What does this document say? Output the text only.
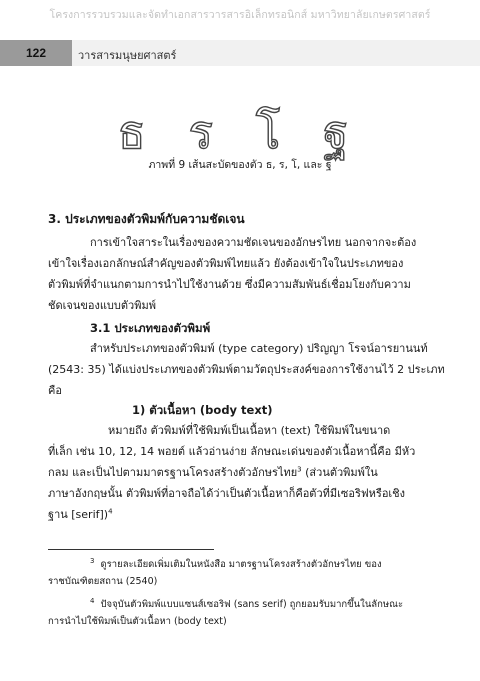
โครงการรวบรวมและจัดทำเอกสารวารสารอิเล็กทรอนิกส์ มหาวิทยาลัยเกษตรศาสตร์
122	วารสารมนุษยศาสตร์
ธ ร โ ฐ
ภาพที่ 9 เส้นสะบัดของตัว ธ, ร, โ, และ ฐ
3. ประเภทของตัวพิมพ์กับความชัดเจน
การเข้าใจสาระในเรื่องของความชัดเจนของอักษรไทย นอกจากจะต้อง
เข้าใจเรื่องเอกลักษณ์สำคัญของตัวพิมพ์ไทยแล้ว ยังต้องเข้าใจในประเภทของ
ตัวพิมพ์ที่จำแนกตามการนำไปใช้งานด้วย ซึ่งมีความสัมพันธ์เชื่อมโยงกับความ
ชัดเจนของแบบตัวพิมพ์
3.1 ประเภทของตัวพิมพ์
สำหรับประเภทของตัวพิมพ์ (type category) ปริญญา โรจน์อารยานนท์
(2543: 35) ได้แบ่งประเภทของตัวพิมพ์ตามวัตถุประสงค์ของการใช้งานไว้ 2 ประเภท
คือ
1) ตัวเนื้อหา (body text)
หมายถึง ตัวพิมพ์ที่ใช้พิมพ์เป็นเนื้อหา (text) ใช้พิมพ์ในขนาด
ที่เล็ก เช่น 10, 12, 14 พอยต์ แล้วอ่านง่าย ลักษณะเด่นของตัวเนื้อหานี้คือ มีหัว
กลม และเป็นไปตามมาตรฐานโครงสร้างตัวอักษรไทย$^3$ (ส่วนตัวพิมพ์ใน
ภาษาอังกฤษนั้น ตัวพิมพ์ที่อาจถือได้ว่าเป็นตัวเนื้อหาก็คือตัวที่มีเซอริฟหรือเชิง
ฐาน [serif])$^4$
$^3$ ดูรายละเอียดเพิ่มเติมในหนังสือ มาตรฐานโครงสร้างตัวอักษรไทย ของ
ราชบัณฑิตยสถาน (2540)
$^4$ ปัจจุบันตัวพิมพ์แบบแซนส์เซอริฟ (sans serif) ถูกยอมรับมากขึ้นในลักษณะ
การนำไปใช้พิมพ์เป็นตัวเนื้อหา (body text)
